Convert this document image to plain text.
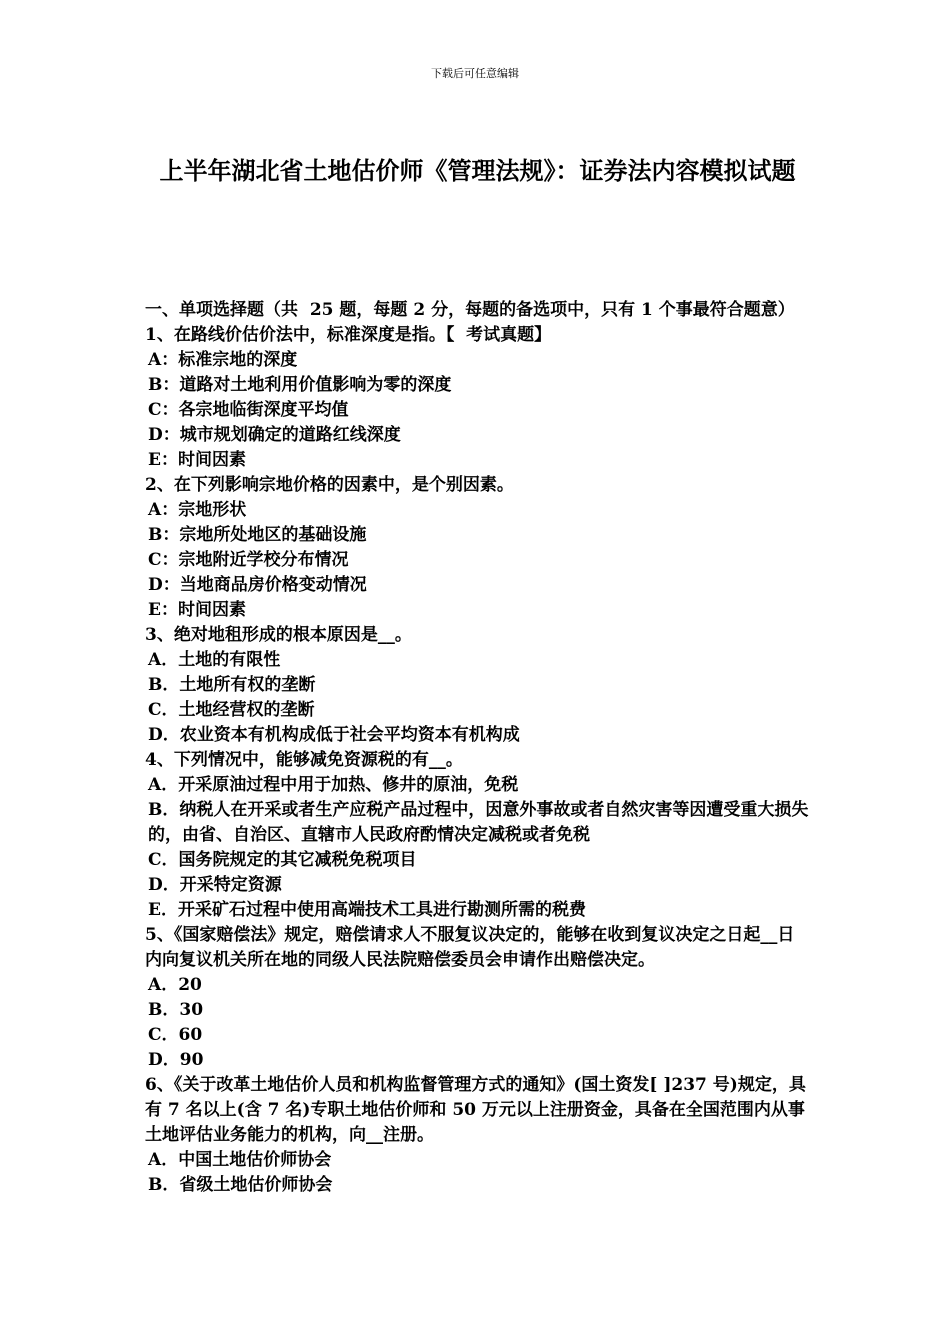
下载后可任意编辑
上半年湖北省土地估价师《管理法规》：证券法内容模拟试题

一、单项选择题（共  25 题，每题 2 分，每题的备选项中，只有 1 个事最符合题意）

1、在路线价估价法中，标准深度是指。【  考试真题】

A：标准宗地的深度

B：道路对土地利用价值影响为零的深度

C：各宗地临街深度平均值

D：城市规划确定的道路红线深度

E：时间因素

2、在下列影响宗地价格的因素中，是个别因素。

A：宗地形状

B：宗地所处地区的基础设施

C：宗地附近学校分布情况

D：当地商品房价格变动情况

E：时间因素

3、绝对地租形成的根本原因是__。

A．土地的有限性

B．土地所有权的垄断

C．土地经营权的垄断

D．农业资本有机构成低于社会平均资本有机构成

4、下列情况中，能够减免资源税的有__。

A．开采原油过程中用于加热、修井的原油，免税

B．纳税人在开采或者生产应税产品过程中，因意外事故或者自然灾害等因遭受重大损失的，由省、自治区、直辖市人民政府酌情决定减税或者免税

C．国务院规定的其它减税免税项目

D．开采特定资源

E．开采矿石过程中使用高端技术工具进行勘测所需的税费

5、《国家赔偿法》规定，赔偿请求人不服复议决定的，能够在收到复议决定之日起__日内向复议机关所在地的同级人民法院赔偿委员会申请作出赔偿决定。

A．20

B．30

C．60

D．90

6、《关于改革土地估价人员和机构监督管理方式的通知》(国土资发[ ]237 号)规定，具有 7 名以上(含 7 名)专职土地估价师和 50 万元以上注册资金，具备在全国范围内从事土地评估业务能力的机构，向__注册。

A．中国土地估价师协会

B．省级土地估价师协会
